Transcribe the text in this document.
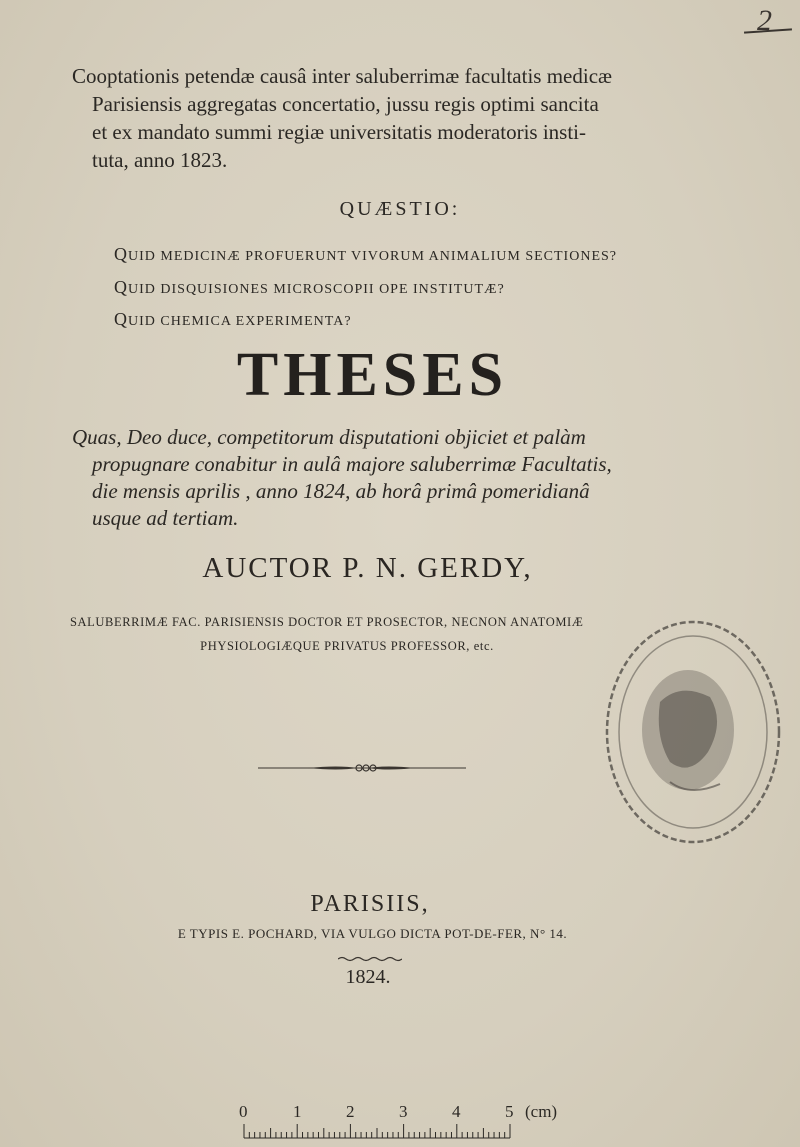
2
Cooptationis petendæ causâ inter saluberrimæ facultatis medicæ
Parisiensis aggregatas concertatio, jussu regis optimi sancita
et ex mandato summi regiæ universitatis moderatoris insti-
tuta, anno 1823.
QUÆSTIO:
QUID MEDICINÆ PROFUERUNT VIVORUM ANIMALIUM SECTIONES?
QUID DISQUISIONES MICROSCOPII OPE INSTITUTÆ?
QUID CHEMICA EXPERIMENTA?
THESES
Quas, Deo duce, competitorum disputationi objiciet et palàm
propugnare conabitur in aulâ majore saluberrimæ Facultatis,
die mensis aprilis , anno 1824, ab horâ primâ pomeridianâ
usque ad tertiam.
AUCTOR P. N. GERDY,
SALUBERRIMÆ FAC. PARISIENSIS DOCTOR ET PROSECTOR, NECNON ANATOMIÆ
PHYSIOLOGIÆQUE PRIVATUS PROFESSOR, etc.
PARISIIS,
E TYPIS E. POCHARD, VIA VULGO DICTA POT-DE-FER, N° 14.
1824.
0	1	2	3	4	5 (cm)
